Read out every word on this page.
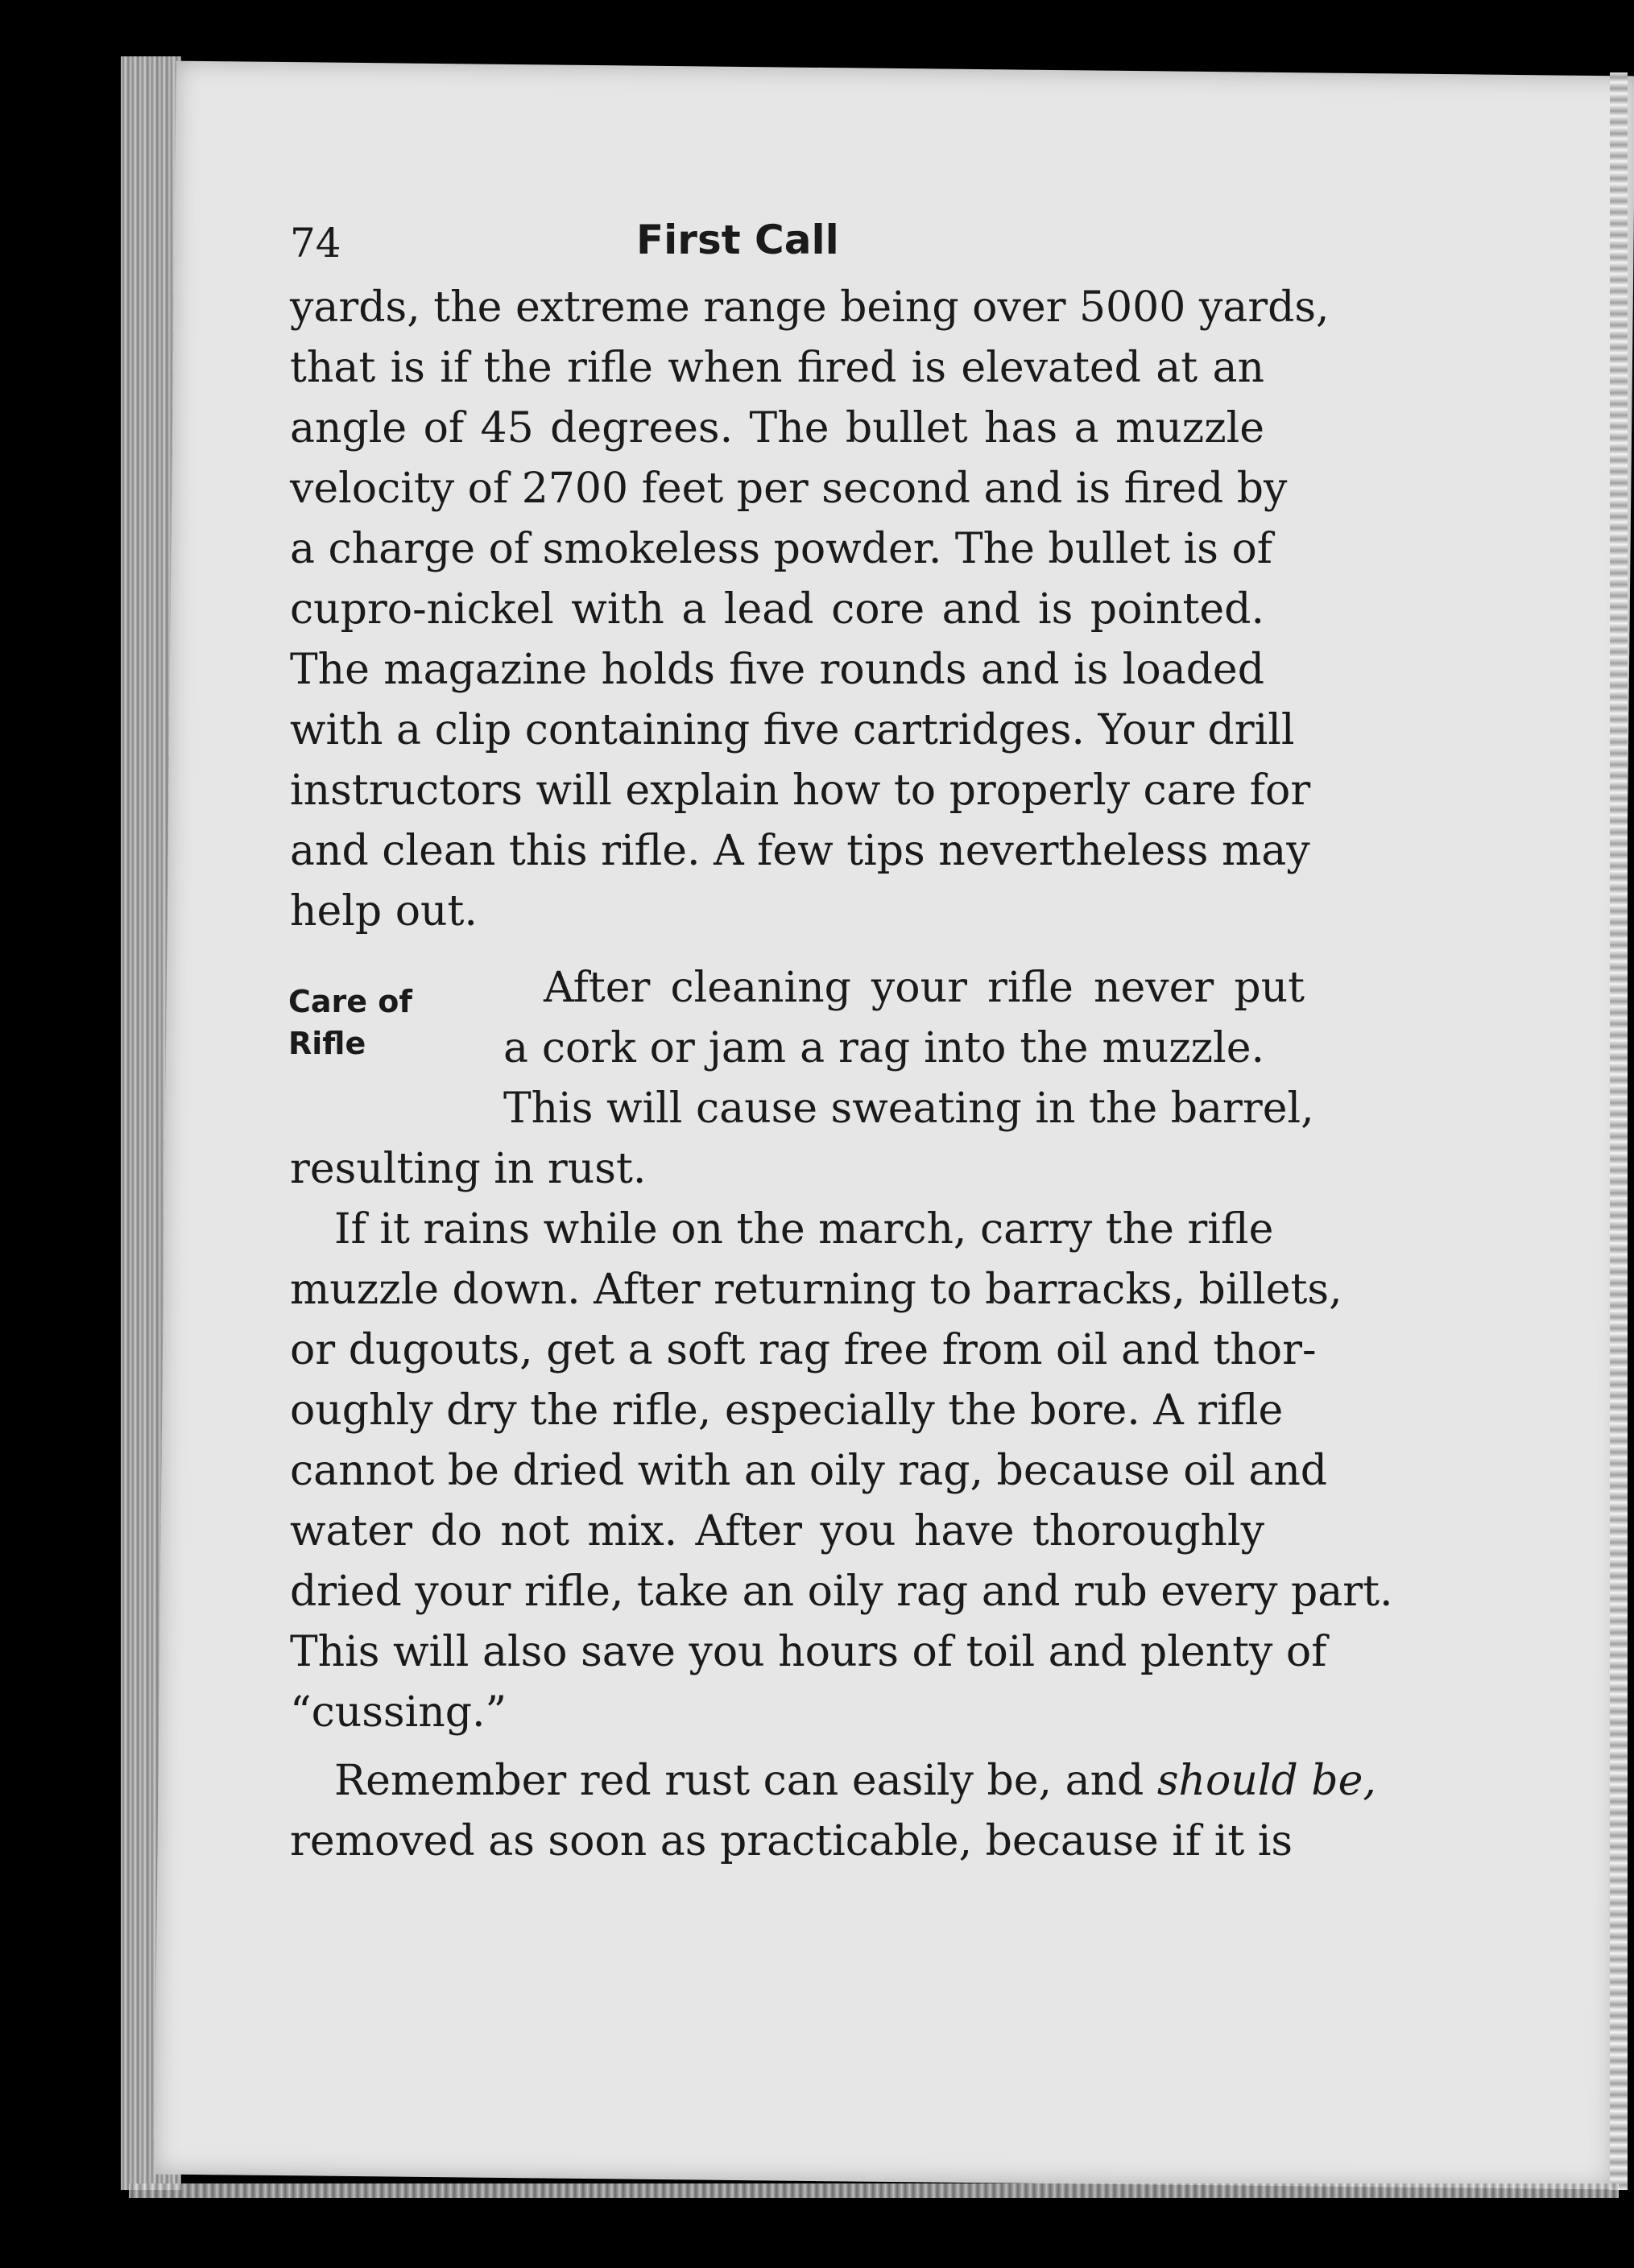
74	First Call
yards, the extreme range being over 5000 yards,
that is if the rifle when fired is elevated at an
angle of 45 degrees. The bullet has a muzzle
velocity of 2700 feet per second and is fired by
a charge of smokeless powder. The bullet is of
cupro-nickel with a lead core and is pointed.
The magazine holds five rounds and is loaded
with a clip containing five cartridges. Your drill
instructors will explain how to properly care for
and clean this rifle. A few tips nevertheless may
help out.
Care of
Rifle
After cleaning your rifle never put
a cork or jam a rag into the muzzle.
This will cause sweating in the barrel,
resulting in rust.
If it rains while on the march, carry the rifle
muzzle down. After returning to barracks, billets,
or dugouts, get a soft rag free from oil and thor-
oughly dry the rifle, especially the bore. A rifle
cannot be dried with an oily rag, because oil and
water do not mix. After you have thoroughly
dried your rifle, take an oily rag and rub every part.
This will also save you hours of toil and plenty of
“cussing.”
Remember red rust can easily be, and should be,
removed as soon as practicable, because if it is
